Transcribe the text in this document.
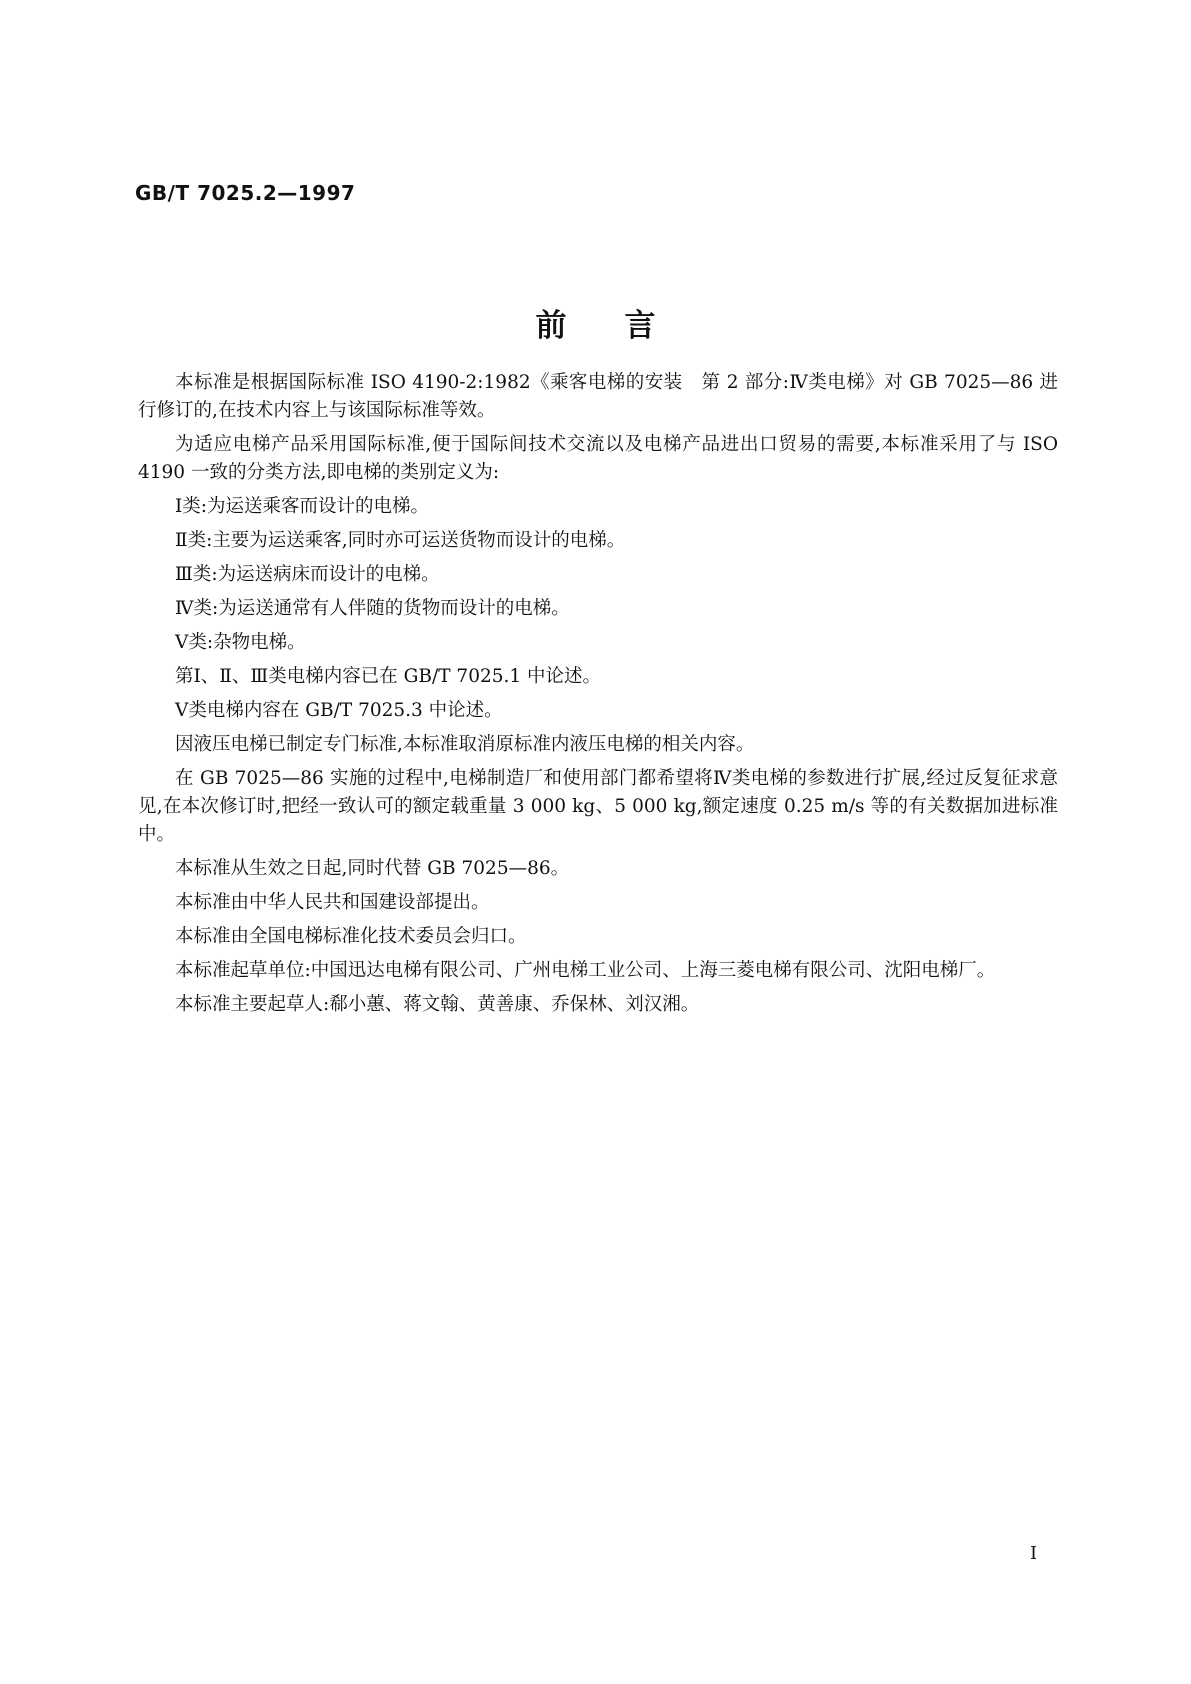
GB/T 7025.2—1997
前言

本标准是根据国际标准 ISO 4190-2:1982《乘客电梯的安装　第 2 部分:Ⅳ类电梯》对 GB 7025—86 进行修订的,在技术内容上与该国际标准等效。

为适应电梯产品采用国际标准,便于国际间技术交流以及电梯产品进出口贸易的需要,本标准采用了与 ISO 4190 一致的分类方法,即电梯的类别定义为:

Ⅰ类:为运送乘客而设计的电梯。

Ⅱ类:主要为运送乘客,同时亦可运送货物而设计的电梯。

Ⅲ类:为运送病床而设计的电梯。

Ⅳ类:为运送通常有人伴随的货物而设计的电梯。

Ⅴ类:杂物电梯。

第Ⅰ、Ⅱ、Ⅲ类电梯内容已在 GB/T 7025.1 中论述。

Ⅴ类电梯内容在 GB/T 7025.3 中论述。

因液压电梯已制定专门标准,本标准取消原标准内液压电梯的相关内容。

在 GB 7025—86 实施的过程中,电梯制造厂和使用部门都希望将Ⅳ类电梯的参数进行扩展,经过反复征求意见,在本次修订时,把经一致认可的额定载重量 3 000 kg、5 000 kg,额定速度 0.25 m/s 等的有关数据加进标准中。

本标准从生效之日起,同时代替 GB 7025—86。

本标准由中华人民共和国建设部提出。

本标准由全国电梯标准化技术委员会归口。

本标准起草单位:中国迅达电梯有限公司、广州电梯工业公司、上海三菱电梯有限公司、沈阳电梯厂。

本标准主要起草人:郗小蕙、蒋文翰、黄善康、乔保林、刘汉湘。

Ⅰ
